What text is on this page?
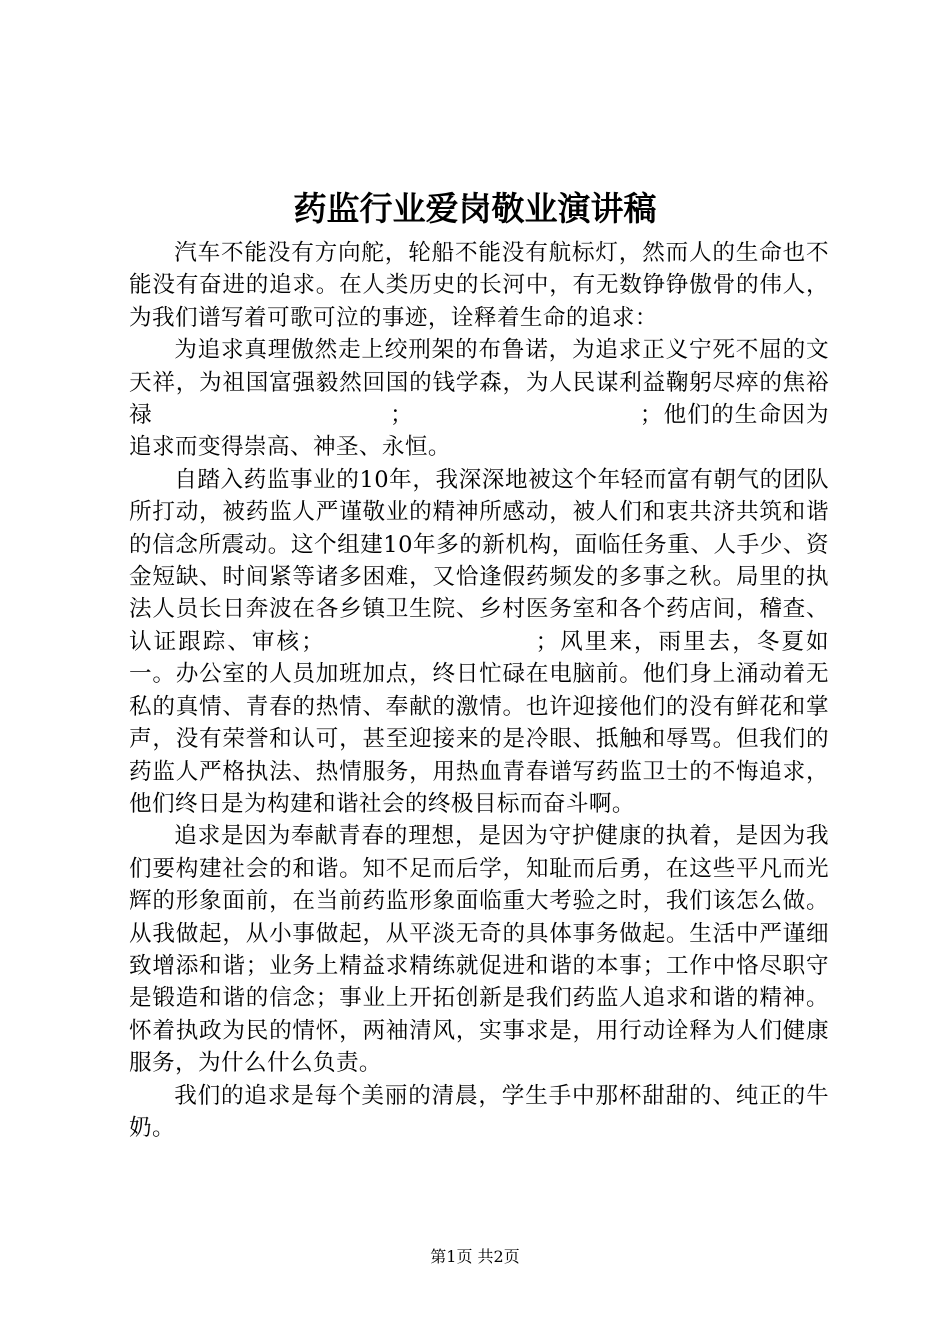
药监行业爱岗敬业演讲稿

汽车不能没有方向舵，轮船不能没有航标灯，然而人的生命也不能没有奋进的追求。在人类历史的长河中，有无数铮铮傲骨的伟人，为我们谱写着可歌可泣的事迹，诠释着生命的追求：

为追求真理傲然走上绞刑架的布鲁诺，为追求正义宁死不屈的文天祥，为祖国富强毅然回国的钱学森，为人民谋利益鞠躬尽瘁的焦裕禄　　　　　　　　　　；　　　　　　　　　　；他们的生命因为追求而变得崇高、神圣、永恒。

自踏入药监事业的10年，我深深地被这个年轻而富有朝气的团队所打动，被药监人严谨敬业的精神所感动，被人们和衷共济共筑和谐的信念所震动。这个组建10年多的新机构，面临任务重、人手少、资金短缺、时间紧等诸多困难，又恰逢假药频发的多事之秋。局里的执法人员长日奔波在各乡镇卫生院、乡村医务室和各个药店间，稽查、认证跟踪、审核；　　　　　　　　　；风里来，雨里去，冬夏如一。办公室的人员加班加点，终日忙碌在电脑前。他们身上涌动着无私的真情、青春的热情、奉献的激情。也许迎接他们的没有鲜花和掌声，没有荣誉和认可，甚至迎接来的是冷眼、抵触和辱骂。但我们的药监人严格执法、热情服务，用热血青春谱写药监卫士的不悔追求，他们终日是为构建和谐社会的终极目标而奋斗啊。

追求是因为奉献青春的理想，是因为守护健康的执着，是因为我们要构建社会的和谐。知不足而后学，知耻而后勇，在这些平凡而光辉的形象面前，在当前药监形象面临重大考验之时，我们该怎么做。从我做起，从小事做起，从平淡无奇的具体事务做起。生活中严谨细致增添和谐；业务上精益求精练就促进和谐的本事；工作中恪尽职守是锻造和谐的信念；事业上开拓创新是我们药监人追求和谐的精神。怀着执政为民的情怀，两袖清风，实事求是，用行动诠释为人们健康服务，为什么什么负责。

我们的追求是每个美丽的清晨，学生手中那杯甜甜的、纯正的牛奶。

第1页 共2页
